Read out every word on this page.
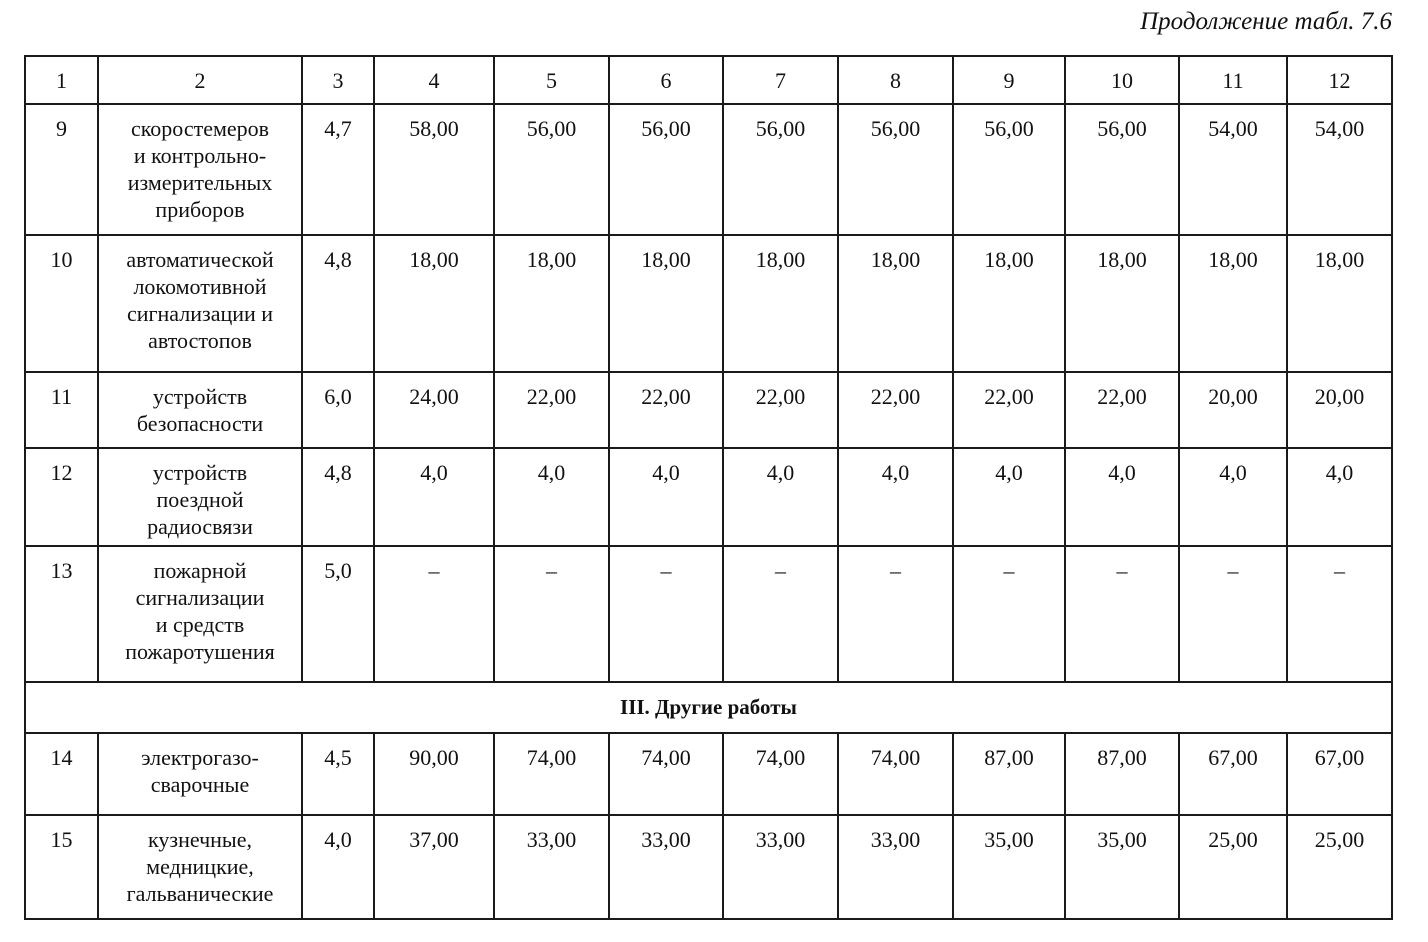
Продолжение табл. 7.6
1	2	3	4	5	6	7	8	9	10	11	12
9	скоростемеров
и контрольно-
измерительных
приборов	4,7	58,00	56,00	56,00	56,00	56,00	56,00	56,00	54,00	54,00
10	автоматической
локомотивной
сигнализации и
автостопов	4,8	18,00	18,00	18,00	18,00	18,00	18,00	18,00	18,00	18,00
11	устройств
безопасности	6,0	24,00	22,00	22,00	22,00	22,00	22,00	22,00	20,00	20,00
12	устройств
поездной
радиосвязи	4,8	4,0	4,0	4,0	4,0	4,0	4,0	4,0	4,0	4,0
13	пожарной
сигнализации
и средств
пожаротушения	5,0	–	–	–	–	–	–	–	–	–
III. Другие работы											
14	электрогазо-
сварочные	4,5	90,00	74,00	74,00	74,00	74,00	87,00	87,00	67,00	67,00
15	кузнечные,
медницкие,
гальванические	4,0	37,00	33,00	33,00	33,00	33,00	35,00	35,00	25,00	25,00
